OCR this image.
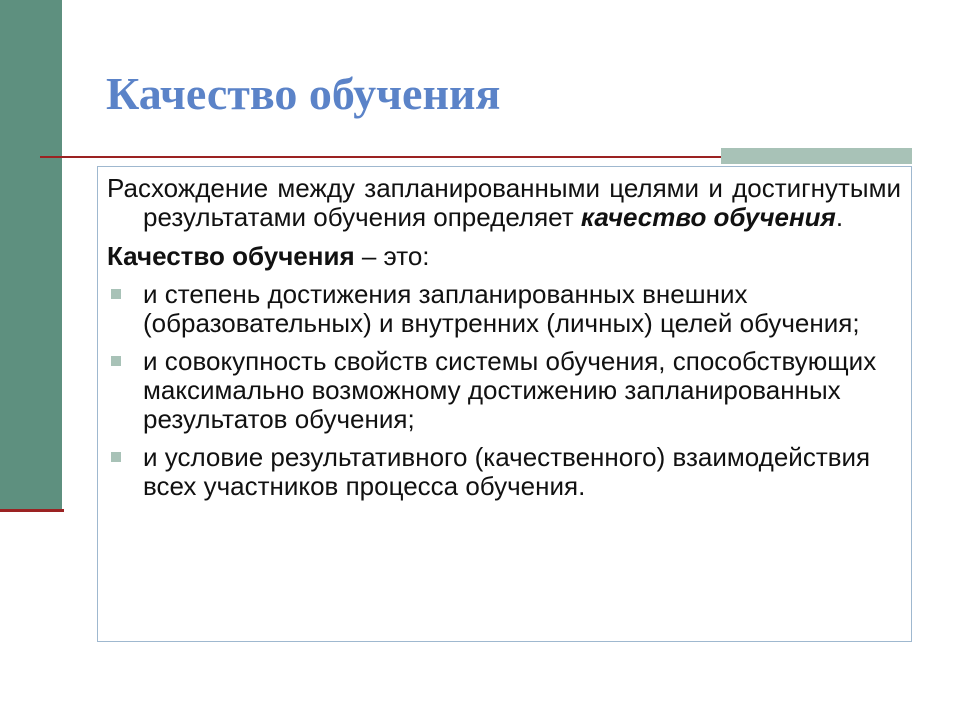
Качество обучения

Расхождение между запланированными целями и достигнутыми результатами обучения определяет качество обучения.

Качество обучения – это:

и степень достижения запланированных внешних (образовательных) и внутренних (личных) целей обучения;
и совокупность свойств системы обучения, способствующих максимально возможному достижению запланированных результатов обучения;
и условие результативного (качественного) взаимодействия всех участников процесса обучения.
